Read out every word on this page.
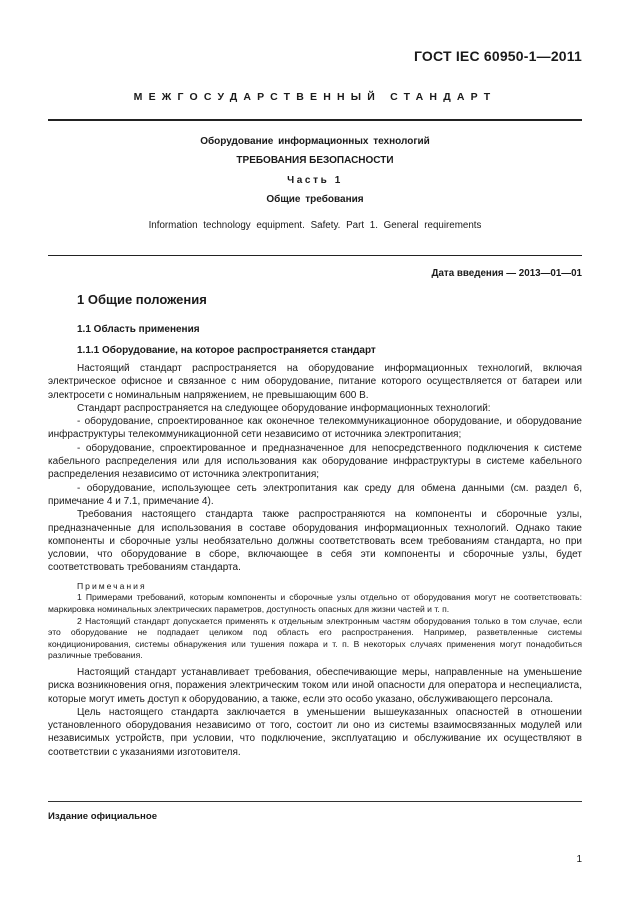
ГОСТ IEC 60950-1—2011
МЕЖГОСУДАРСТВЕННЫЙ СТАНДАРТ
Оборудование информационных технологий
ТРЕБОВАНИЯ БЕЗОПАСНОСТИ
Часть 1
Общие требования
Information technology equipment. Safety. Part 1. General requirements
Дата введения — 2013—01—01
1 Общие положения
1.1 Область применения
1.1.1 Оборудование, на которое распространяется стандарт

Настоящий стандарт распространяется на оборудование информационных технологий, включая электрическое офисное и связанное с ним оборудование, питание которого осуществляется от батареи или электросети с номинальным напряжением, не превышающим 600 В.

Стандарт распространяется на следующее оборудование информационных технологий:

- оборудование, спроектированное как оконечное телекоммуникационное оборудование, и оборудование инфраструктуры телекоммуникационной сети независимо от источника электропитания;

- оборудование, спроектированное и предназначенное для непосредственного подключения к системе кабельного распределения или для использования как оборудование инфраструктуры в системе кабельного распределения независимо от источника электропитания;

- оборудование, использующее сеть электропитания как среду для обмена данными (см. раздел 6, примечание 4 и 7.1, примечание 4).

Требования настоящего стандарта также распространяются на компоненты и сборочные узлы, предназначенные для использования в составе оборудования информационных технологий. Однако такие компоненты и сборочные узлы необязательно должны соответствовать всем требованиям стандарта, но при условии, что оборудование в сборе, включающее в себя эти компоненты и сборочные узлы, будет соответствовать требованиям стандарта.

Примечания

1 Примерами требований, которым компоненты и сборочные узлы отдельно от оборудования могут не соответствовать: маркировка номинальных электрических параметров, доступность опасных для жизни частей и т. п.

2 Настоящий стандарт допускается применять к отдельным электронным частям оборудования только в том случае, если это оборудование не подпадает целиком под область его распространения. Например, разветвленные системы кондиционирования, системы обнаружения или тушения пожара и т. п. В некоторых случаях применения могут понадобиться различные требования.

Настоящий стандарт устанавливает требования, обеспечивающие меры, направленные на уменьшение риска возникновения огня, поражения электрическим током или иной опасности для оператора и неспециалиста, которые могут иметь доступ к оборудованию, а также, если это особо указано, обслуживающего персонала.

Цель настоящего стандарта заключается в уменьшении вышеуказанных опасностей в отношении установленного оборудования независимо от того, состоит ли оно из системы взаимосвязанных модулей или независимых устройств, при условии, что подключение, эксплуатацию и обслуживание их осуществляют в соответствии с указаниями изготовителя.

Издание официальное
1
